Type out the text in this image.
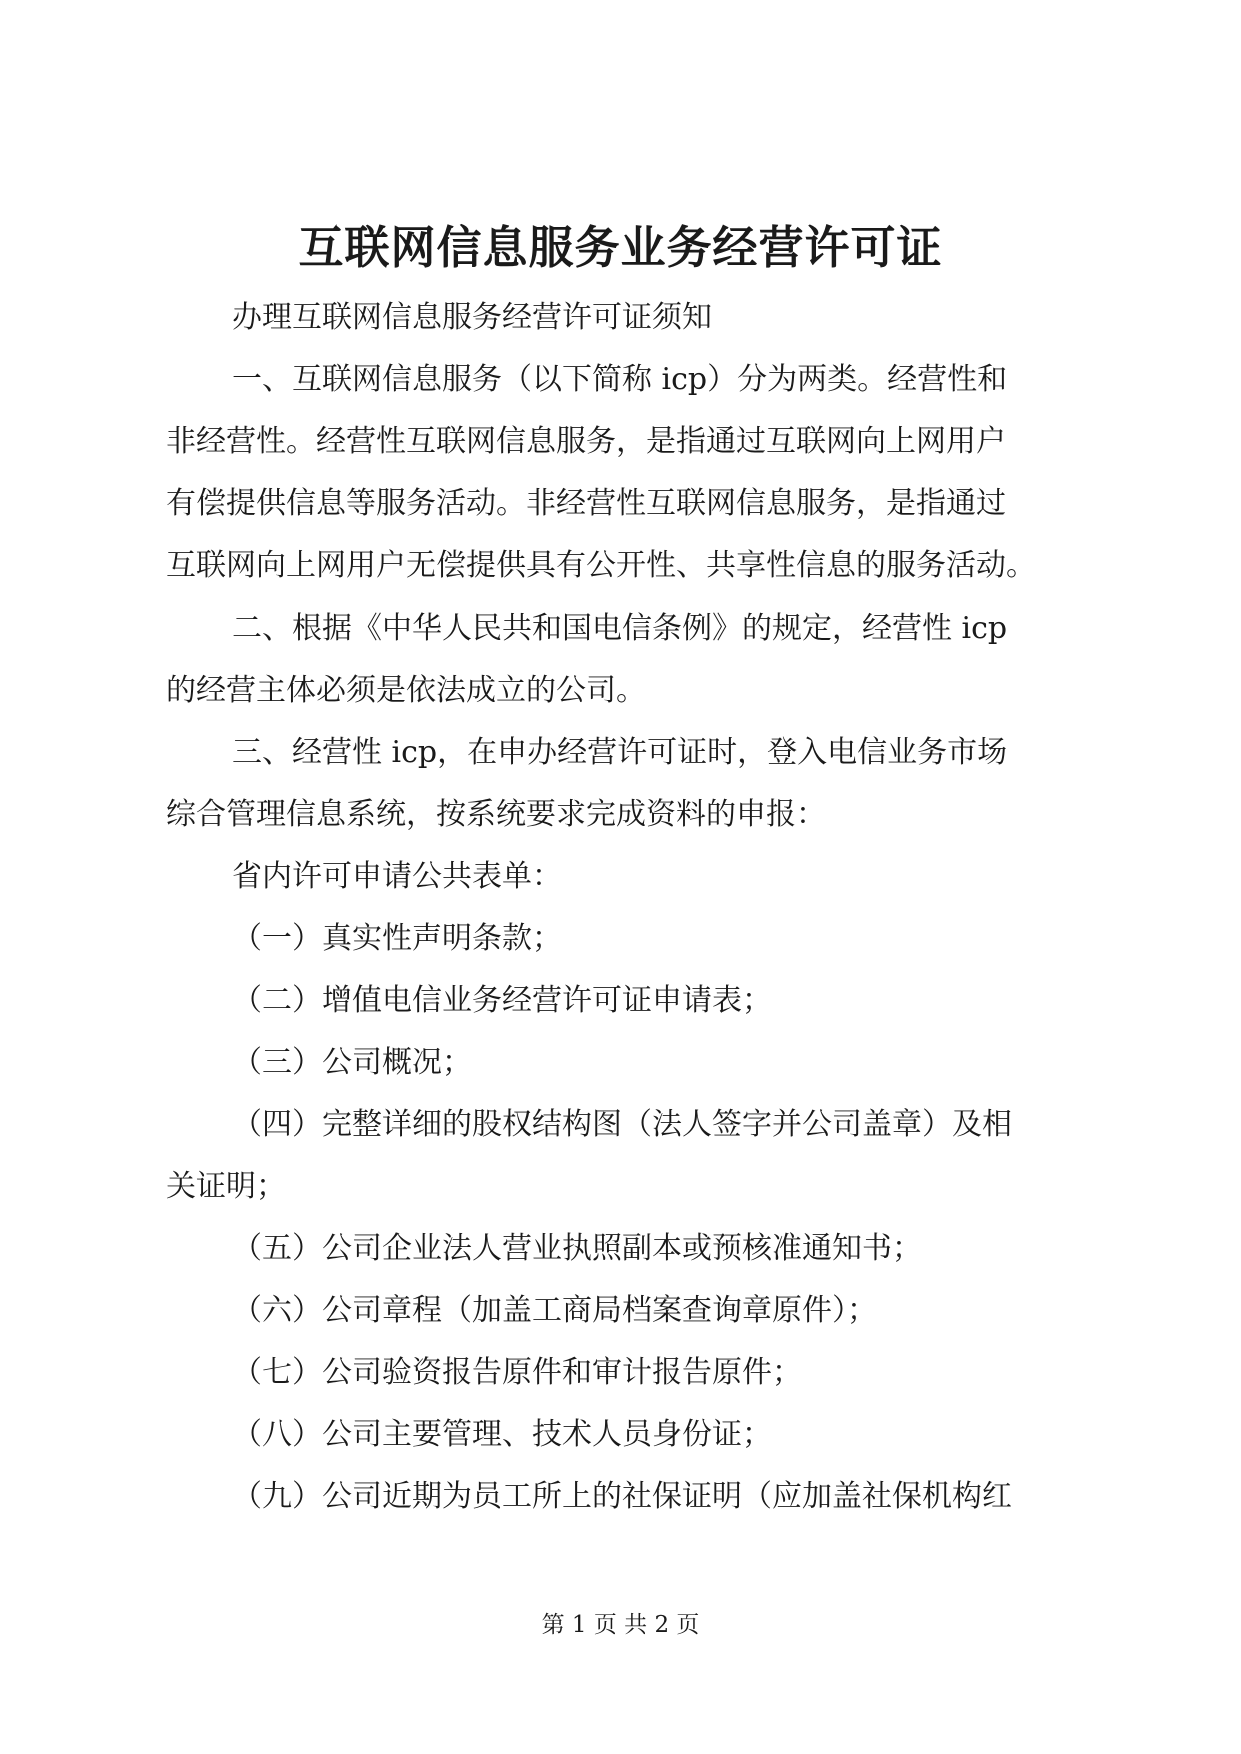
互联网信息服务业务经营许可证
办理互联网信息服务经营许可证须知
一、互联网信息服务（以下简称 icp）分为两类。经营性和
非经营性。经营性互联网信息服务，是指通过互联网向上网用户
有偿提供信息等服务活动。非经营性互联网信息服务，是指通过
互联网向上网用户无偿提供具有公开性、共享性信息的服务活动。
二、根据《中华人民共和国电信条例》的规定，经营性 icp
的经营主体必须是依法成立的公司。
三、经营性 icp，在申办经营许可证时，登入电信业务市场
综合管理信息系统，按系统要求完成资料的申报：
省内许可申请公共表单：
（一）真实性声明条款；
（二）增值电信业务经营许可证申请表；
（三）公司概况；
（四）完整详细的股权结构图（法人签字并公司盖章）及相
关证明；
（五）公司企业法人营业执照副本或预核准通知书；
（六）公司章程（加盖工商局档案查询章原件）；
（七）公司验资报告原件和审计报告原件；
（八）公司主要管理、技术人员身份证；
（九）公司近期为员工所上的社保证明（应加盖社保机构红
第 1 页 共 2 页
